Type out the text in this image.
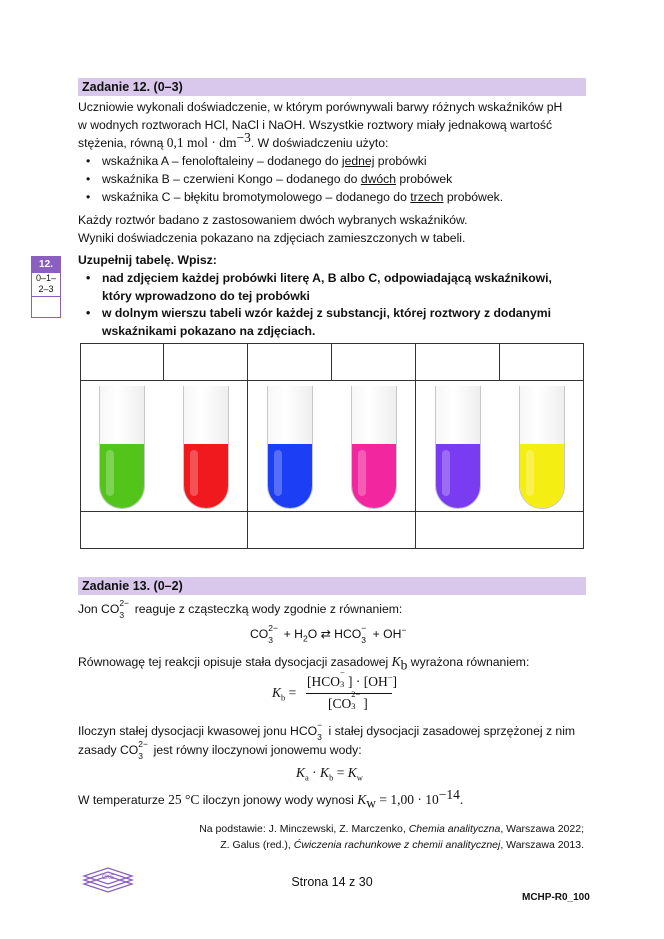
Zadanie 12. (0–3)
Uczniowie wykonali doświadczenie, w którym porównywali barwy różnych wskaźników pH
w wodnych roztworach HCl, NaCl i NaOH. Wszystkie roztwory miały jednakową wartość
stężenia, równą 0,1 mol · $dm^{-3}$. W doświadczeniu użyto:
• wskaźnika A – fenoloftaleiny – dodanego do jednej probówki
• wskaźnika B – czerwieni Kongo – dodanego do dwóch probówek
• wskaźnika C – błękitu bromotymolowego – dodanego do trzech probówek.
Każdy roztwór badano z zastosowaniem dwóch wybranych wskaźników.
Wyniki doświadczenia pokazano na zdjęciach zamieszczonych w tabeli.
12.
0–1–2–3
Uzupełnij tabelę. Wpisz:
• nad zdjęciem każdej probówki literę A, B albo C, odpowiadającą wskaźnikowi,
który wprowadzono do tej probówki
• w dolnym wierszu tabeli wzór każdej z substancji, której roztwory z dodanymi
wskaźnikami pokazano na zdjęciach.
Zadanie 13. (0–2)
Jon CO 2−
3 reaguje z cząsteczką wody zgodnie z równaniem:
CO 2−
$3 + H_2O$ ⇄ HCO −
3 + OH−
Równowagę tej reakcji opisuje stała dysocjacji zasadowej $K_b$ wyrażona równaniem:
$K_b$ =
[HCO
−
3 ] · [OH−]
[CO
2−
3 ]
Iloczyn stałej dysocjacji kwasowej jonu HCO −
3 i stałej dysocjacji zasadowej sprzężonej z nim
zasady CO 2−
3 jest równy iloczynowi jonowemu wody:
$K_a \cdot K_b = K_w$
W temperaturze 25 °C iloczyn jonowy wody wynosi $K_w = 1,00 \cdot 10^{-14}$.
Na podstawie: J. Minczewski, Z. Marczenko, Chemia analityczna, Warszawa 2022;
Z. Galus (red.), Ćwiczenia rachunkowe z chemii analitycznej, Warszawa 2013.
CKE	Strona 14 z 30
MCHP-R0_100
